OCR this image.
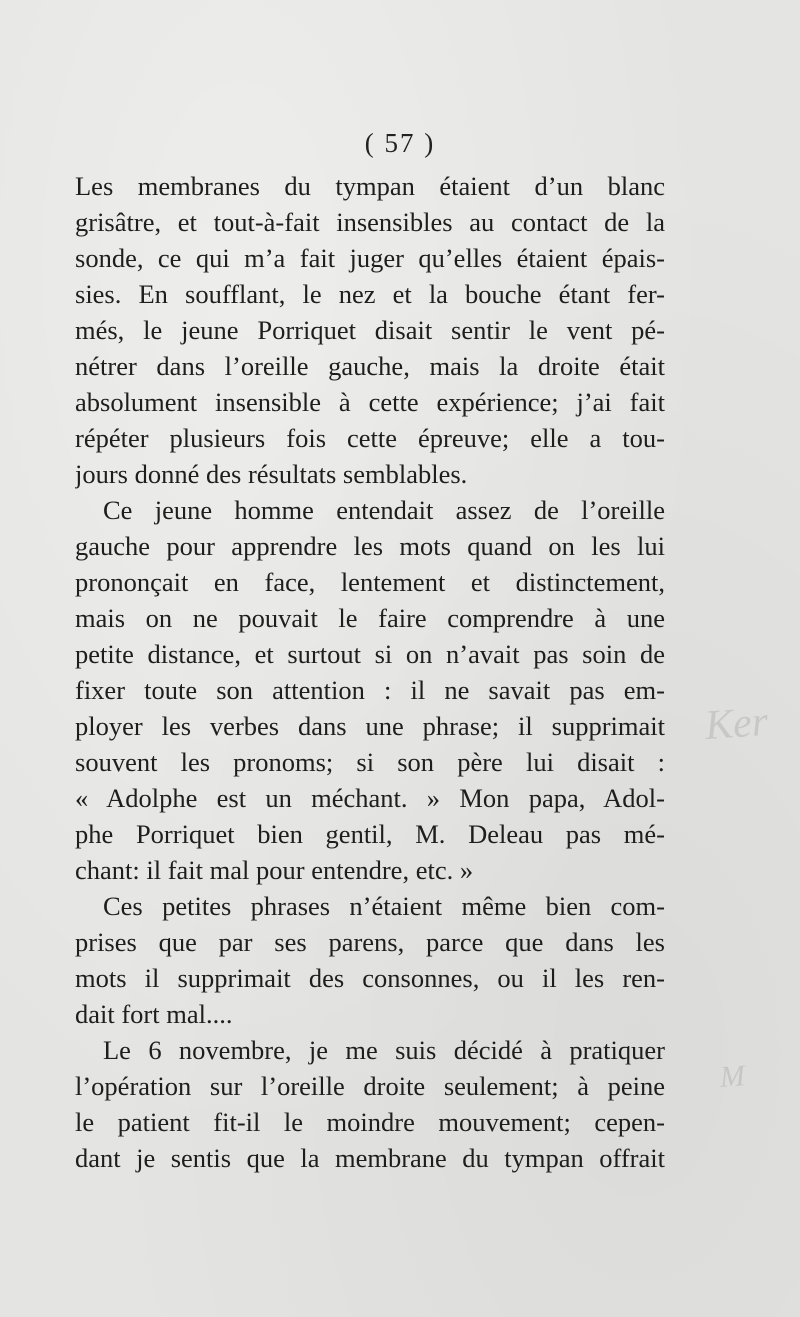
Ker
M
( 57 )
Les membranes du tympan étaient d’un blanc
grisâtre, et tout-à-fait insensibles au contact de la
sonde, ce qui m’a fait juger qu’elles étaient épais-
sies. En soufflant, le nez et la bouche étant fer-
més, le jeune Porriquet disait sentir le vent pé-
nétrer dans l’oreille gauche, mais la droite était
absolument insensible à cette expérience; j’ai fait
répéter plusieurs fois cette épreuve; elle a tou-
jours donné des résultats semblables.
Ce jeune homme entendait assez de l’oreille
gauche pour apprendre les mots quand on les lui
prononçait en face, lentement et distinctement,
mais on ne pouvait le faire comprendre à une
petite distance, et surtout si on n’avait pas soin de
fixer toute son attention : il ne savait pas em-
ployer les verbes dans une phrase; il supprimait
souvent les pronoms; si son père lui disait :
« Adolphe est un méchant. » Mon papa, Adol-
phe Porriquet bien gentil, M. Deleau pas mé-
chant: il fait mal pour entendre, etc. »
Ces petites phrases n’étaient même bien com-
prises que par ses parens, parce que dans les
mots il supprimait des consonnes, ou il les ren-
dait fort mal....
Le 6 novembre, je me suis décidé à pratiquer
l’opération sur l’oreille droite seulement; à peine
le patient fit-il le moindre mouvement; cepen-
dant je sentis que la membrane du tympan offrait
